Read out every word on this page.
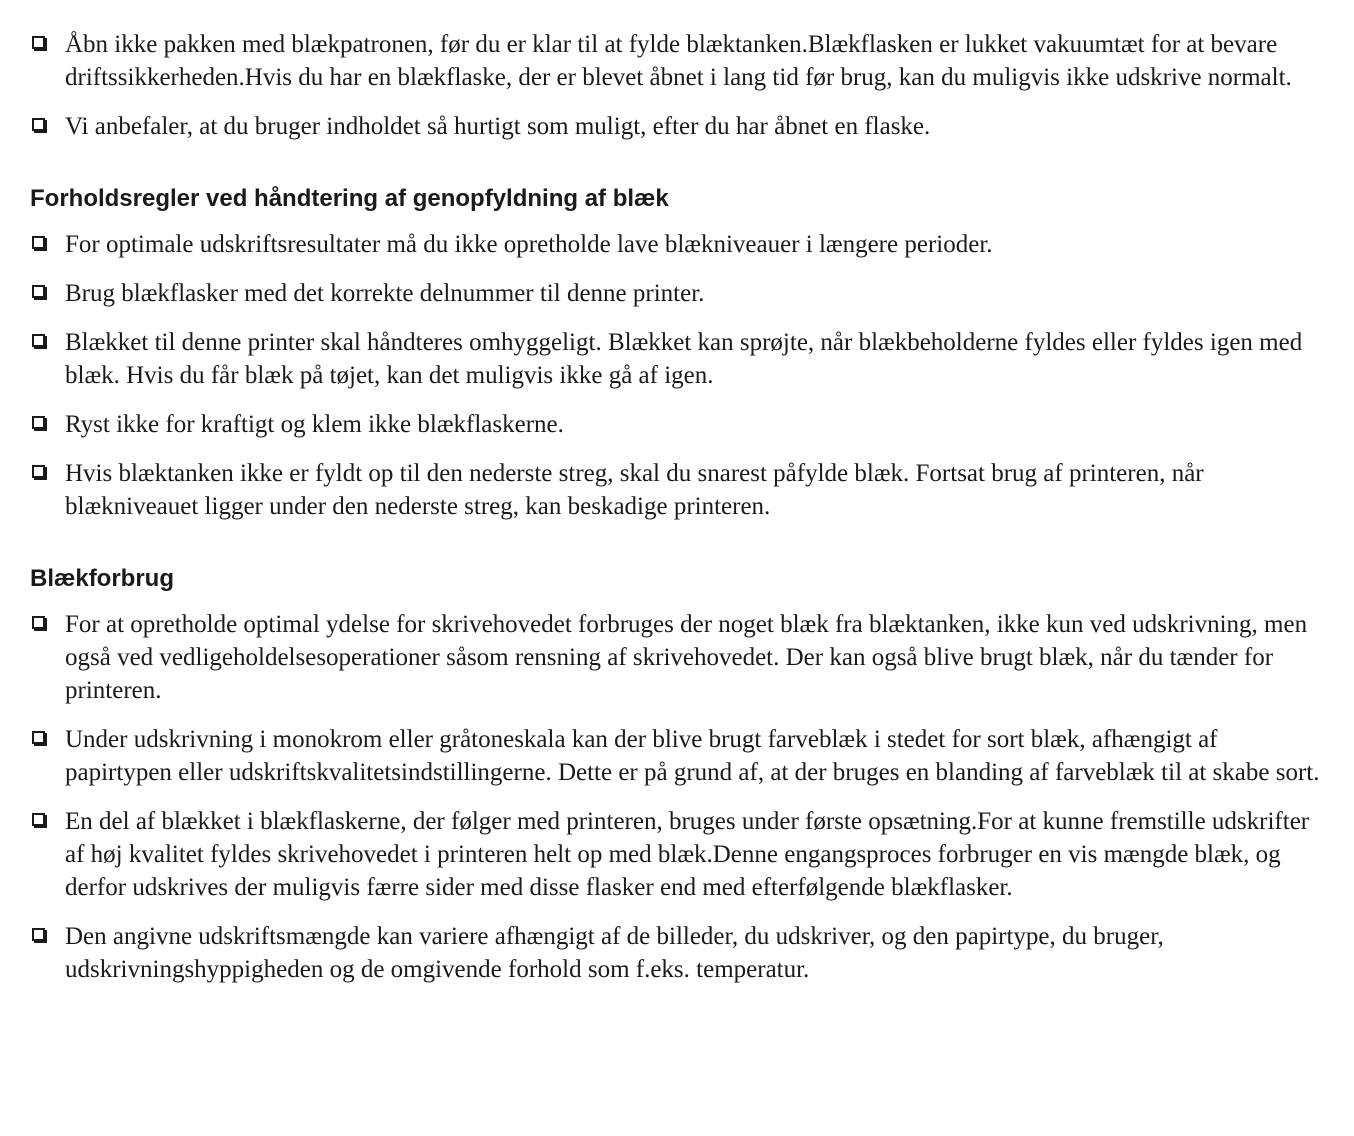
Åbn ikke pakken med blækpatronen, før du er klar til at fylde blæktanken.Blækflasken er lukket vakuumtæt for at bevare driftssikkerheden.Hvis du har en blækflaske, der er blevet åbnet i lang tid før brug, kan du muligvis ikke udskrive normalt.
Vi anbefaler, at du bruger indholdet så hurtigt som muligt, efter du har åbnet en flaske.
Forholdsregler ved håndtering af genopfyldning af blæk
For optimale udskriftsresultater må du ikke opretholde lave blækniveauer i længere perioder.
Brug blækflasker med det korrekte delnummer til denne printer.
Blækket til denne printer skal håndteres omhyggeligt. Blækket kan sprøjte, når blækbeholderne fyldes eller fyldes igen med blæk. Hvis du får blæk på tøjet, kan det muligvis ikke gå af igen.
Ryst ikke for kraftigt og klem ikke blækflaskerne.
Hvis blæktanken ikke er fyldt op til den nederste streg, skal du snarest påfylde blæk. Fortsat brug af printeren, når blækniveauet ligger under den nederste streg, kan beskadige printeren.
Blækforbrug
For at opretholde optimal ydelse for skrivehovedet forbruges der noget blæk fra blæktanken, ikke kun ved udskrivning, men også ved vedligeholdelsesoperationer såsom rensning af skrivehovedet. Der kan også blive brugt blæk, når du tænder for printeren.
Under udskrivning i monokrom eller gråtoneskala kan der blive brugt farveblæk i stedet for sort blæk, afhængigt af papirtypen eller udskriftskvalitetsindstillingerne. Dette er på grund af, at der bruges en blanding af farveblæk til at skabe sort.
En del af blækket i blækflaskerne, der følger med printeren, bruges under første opsætning.For at kunne fremstille udskrifter af høj kvalitet fyldes skrivehovedet i printeren helt op med blæk.Denne engangsproces forbruger en vis mængde blæk, og derfor udskrives der muligvis færre sider med disse flasker end med efterfølgende blækflasker.
Den angivne udskriftsmængde kan variere afhængigt af de billeder, du udskriver, og den papirtype, du bruger, udskrivningshyppigheden og de omgivende forhold som f.eks. temperatur.
